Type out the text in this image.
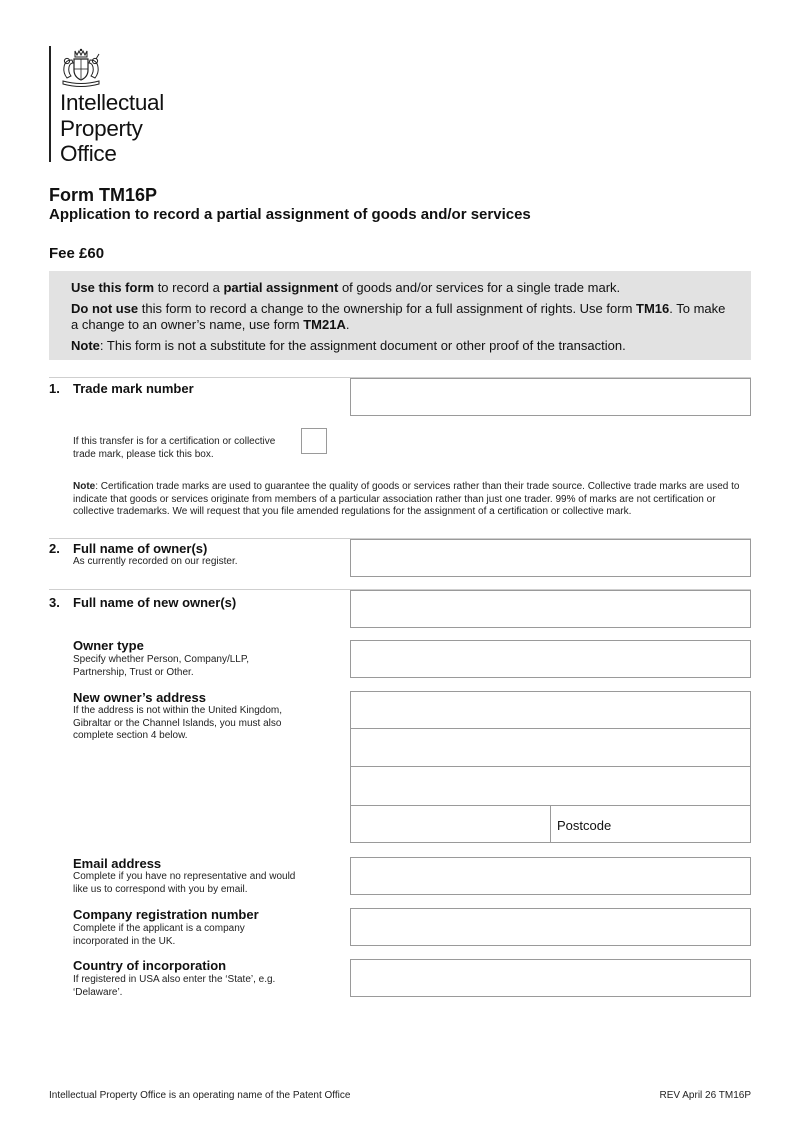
Intellectual
Property
Office
Form TM16P
Application to record a partial assignment of goods and/or services
Fee £60

Use this form to record a partial assignment of goods and/or services for a single trade mark.

Do not use this form to record a change to the ownership for a full assignment of rights. Use form TM16. To make a change to an owner’s name, use form TM21A.

Note: This form is not a substitute for the assignment document or other proof of the transaction.

1. Trade mark number
If this transfer is for a certification or collective trade mark, please tick this box.
Note: Certification trade marks are used to guarantee the quality of goods or services rather than their trade source. Collective trade marks are used to indicate that goods or services originate from members of a particular association rather than just one trader. 99% of marks are not certification or collective trademarks. We will request that you file amended regulations for the assignment of a certification or collective mark.
2. Full name of owner(s)
As currently recorded on our register.
3. Full name of new owner(s)
Owner type
Specify whether Person, Company/LLP, Partnership, Trust or Other.
New owner’s address
If the address is not within the United Kingdom, Gibraltar or the Channel Islands, you must also complete section 4 below.
Postcode
Email address
Complete if you have no representative and would like us to correspond with you by email.
Company registration number
Complete if the applicant is a company incorporated in the UK.
Country of incorporation
If registered in USA also enter the ‘State’, e.g. ‘Delaware’.
Intellectual Property Office is an operating name of the Patent Office	REV April 26 TM16P
